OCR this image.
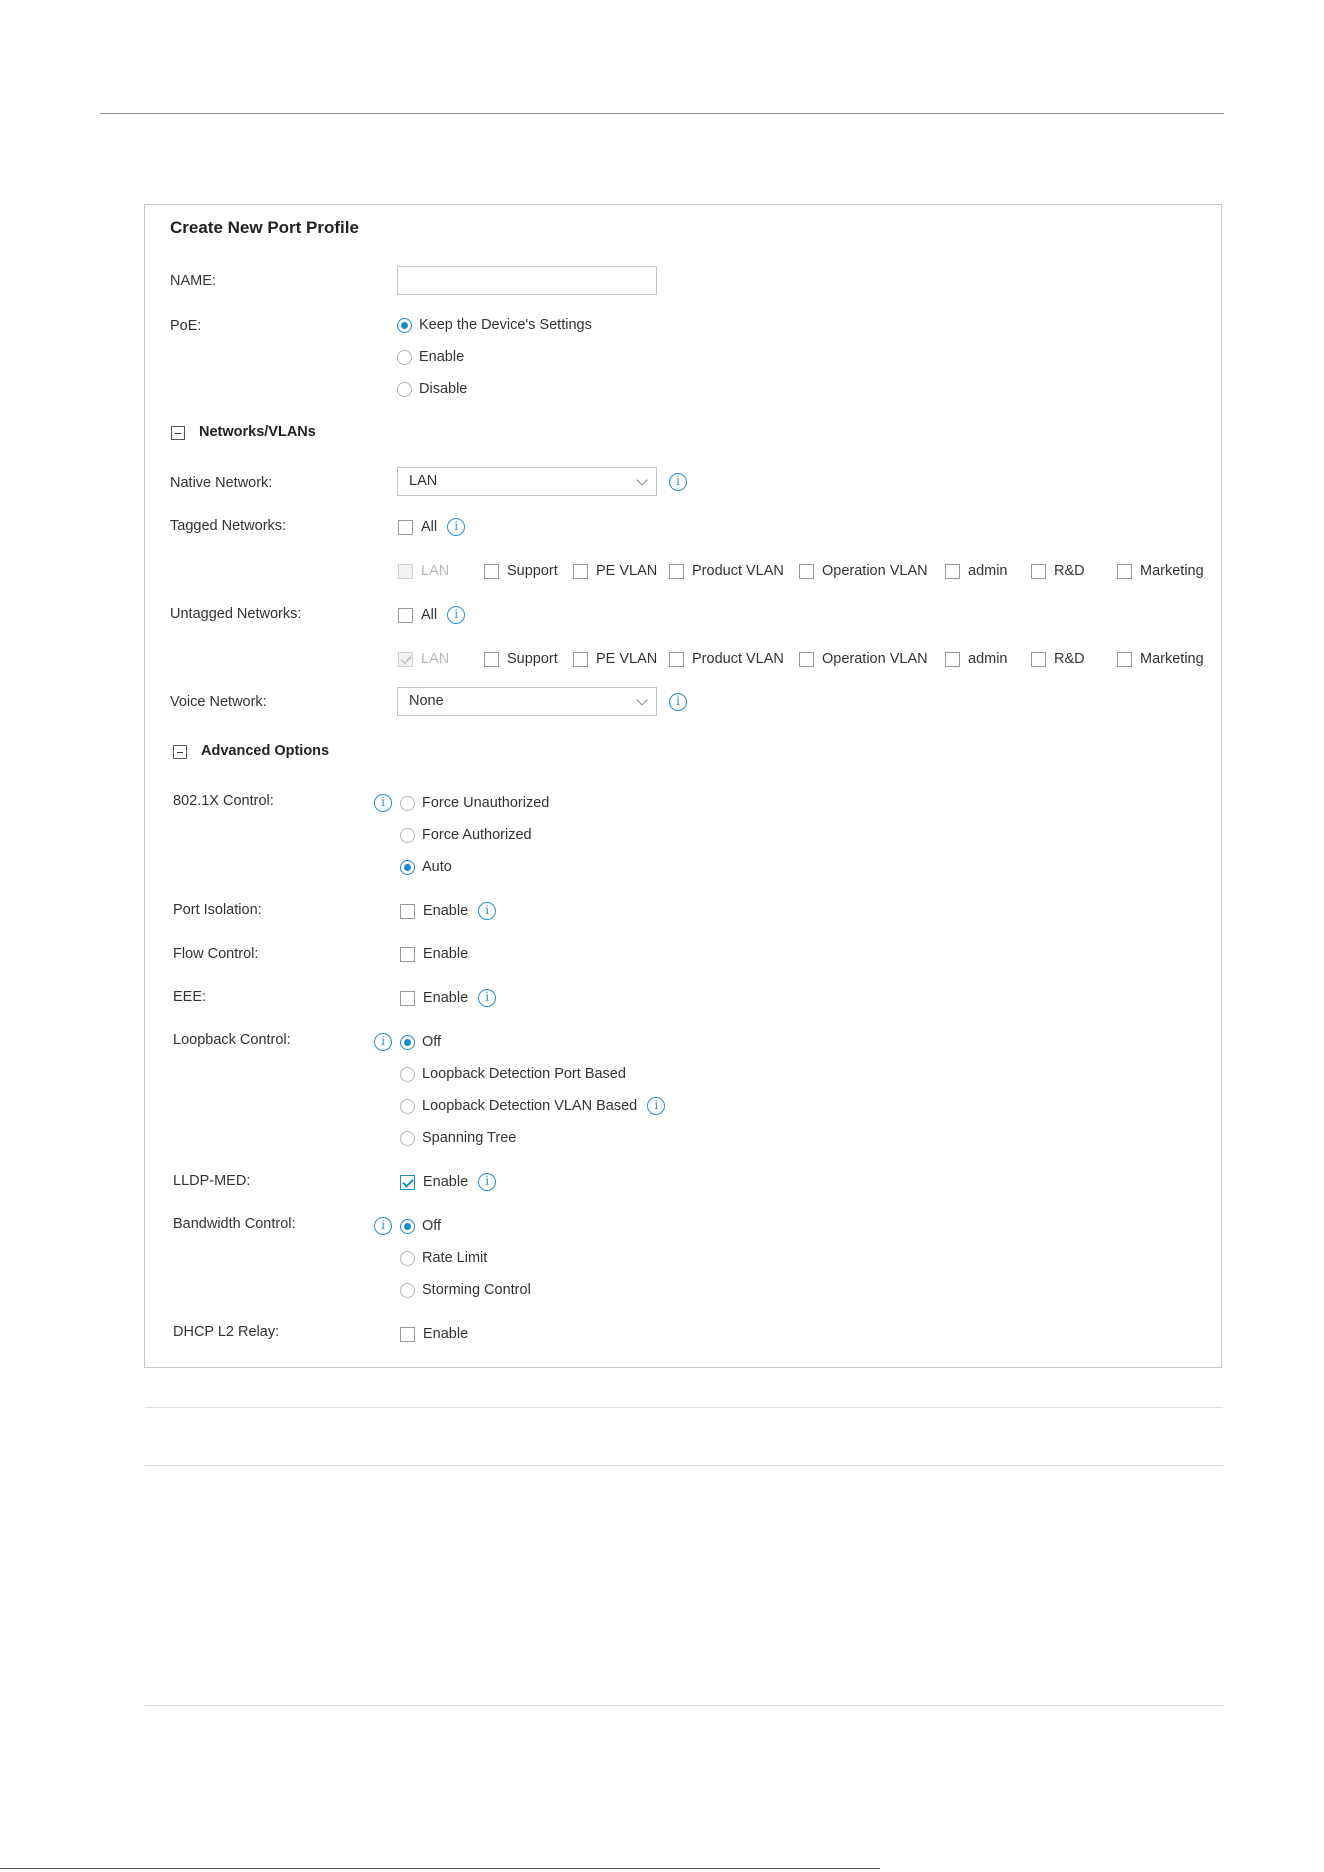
Create New Port Profile
NAME:
PoE:	Keep the Device's Settings
Enable
Disable
Networks/VLANs
Native Network:	LAN	i
Tagged Networks:	All	i
LAN	Support	PE VLAN Product VLAN	Operation VLAN	admin	R&D	Marketing
Untagged Networks:	All	i
LAN	Support	PE VLAN Product VLAN	Operation VLAN	admin	R&D	Marketing
Voice Network:	None	i
Advanced Options
802.1X Control:	i	Force Unauthorized
Force Authorized
Auto
Port Isolation:	Enable	i
Flow Control:	Enable
EEE:	Enable	i
Loopback Control:	i	Off
Loopback Detection Port Based
Loopback Detection VLAN Based	i
Spanning Tree
LLDP-MED:	Enable	i
Bandwidth Control:	i	Off
Rate Limit
Storming Control
DHCP L2 Relay:	Enable
